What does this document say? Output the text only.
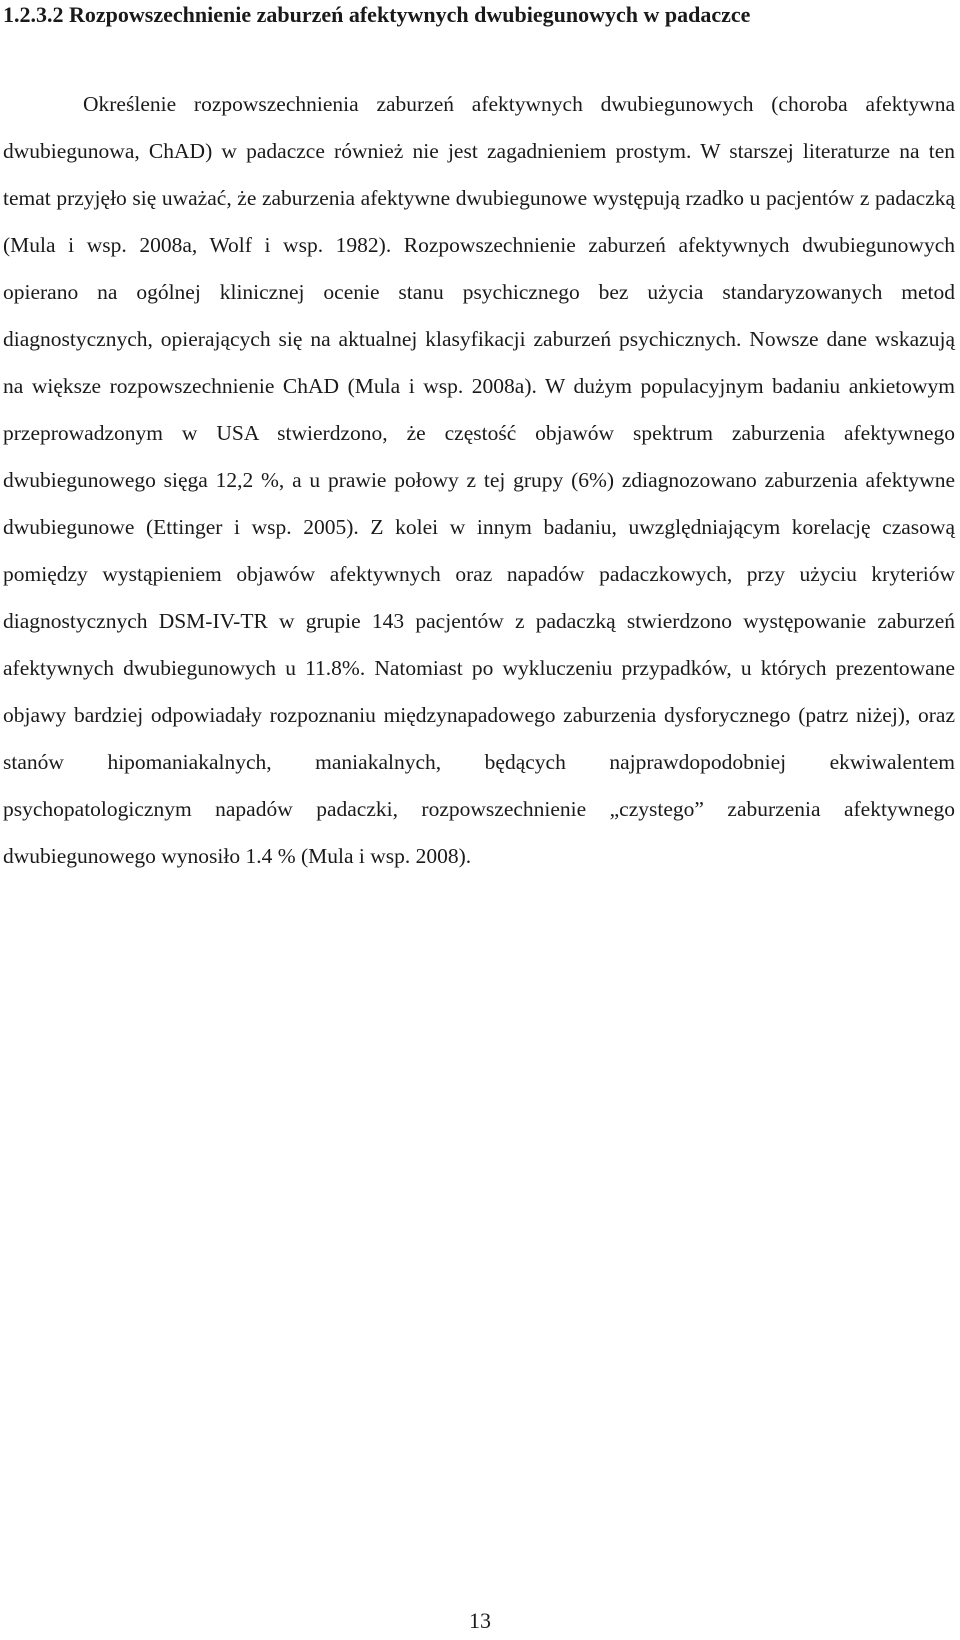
1.2.3.2 Rozpowszechnienie zaburzeń afektywnych dwubiegunowych w padaczce

Określenie rozpowszechnienia zaburzeń afektywnych dwubiegunowych (choroba afektywna dwubiegunowa, ChAD) w padaczce również nie jest zagadnieniem prostym. W starszej literaturze na ten temat przyjęło się uważać, że zaburzenia afektywne dwubiegunowe występują rzadko u pacjentów z padaczką (Mula i wsp. 2008a, Wolf i wsp. 1982). Rozpowszechnienie zaburzeń afektywnych dwubiegunowych opierano na ogólnej klinicznej ocenie stanu psychicznego bez użycia standaryzowanych metod diagnostycznych, opierających się na aktualnej klasyfikacji zaburzeń psychicznych. Nowsze dane wskazują na większe rozpowszechnienie ChAD (Mula i wsp. 2008a). W dużym populacyjnym badaniu ankietowym przeprowadzonym w USA stwierdzono, że częstość objawów spektrum zaburzenia afektywnego dwubiegunowego sięga 12,2 %, a u prawie połowy z tej grupy (6%) zdiagnozowano zaburzenia afektywne dwubiegunowe (Ettinger i wsp. 2005). Z kolei w innym badaniu, uwzględniającym korelację czasową pomiędzy wystąpieniem objawów afektywnych oraz napadów padaczkowych, przy użyciu kryteriów diagnostycznych DSM-IV-TR w grupie 143 pacjentów z padaczką stwierdzono występowanie zaburzeń afektywnych dwubiegunowych u 11.8%. Natomiast po wykluczeniu przypadków, u których prezentowane objawy bardziej odpowiadały rozpoznaniu międzynapadowego zaburzenia dysforycznego (patrz niżej), oraz stanów hipomaniakalnych, maniakalnych, będących najprawdopodobniej ekwiwalentem psychopatologicznym napadów padaczki, rozpowszechnienie „czystego” zaburzenia afektywnego dwubiegunowego wynosiło 1.4 % (Mula i wsp. 2008).

13
